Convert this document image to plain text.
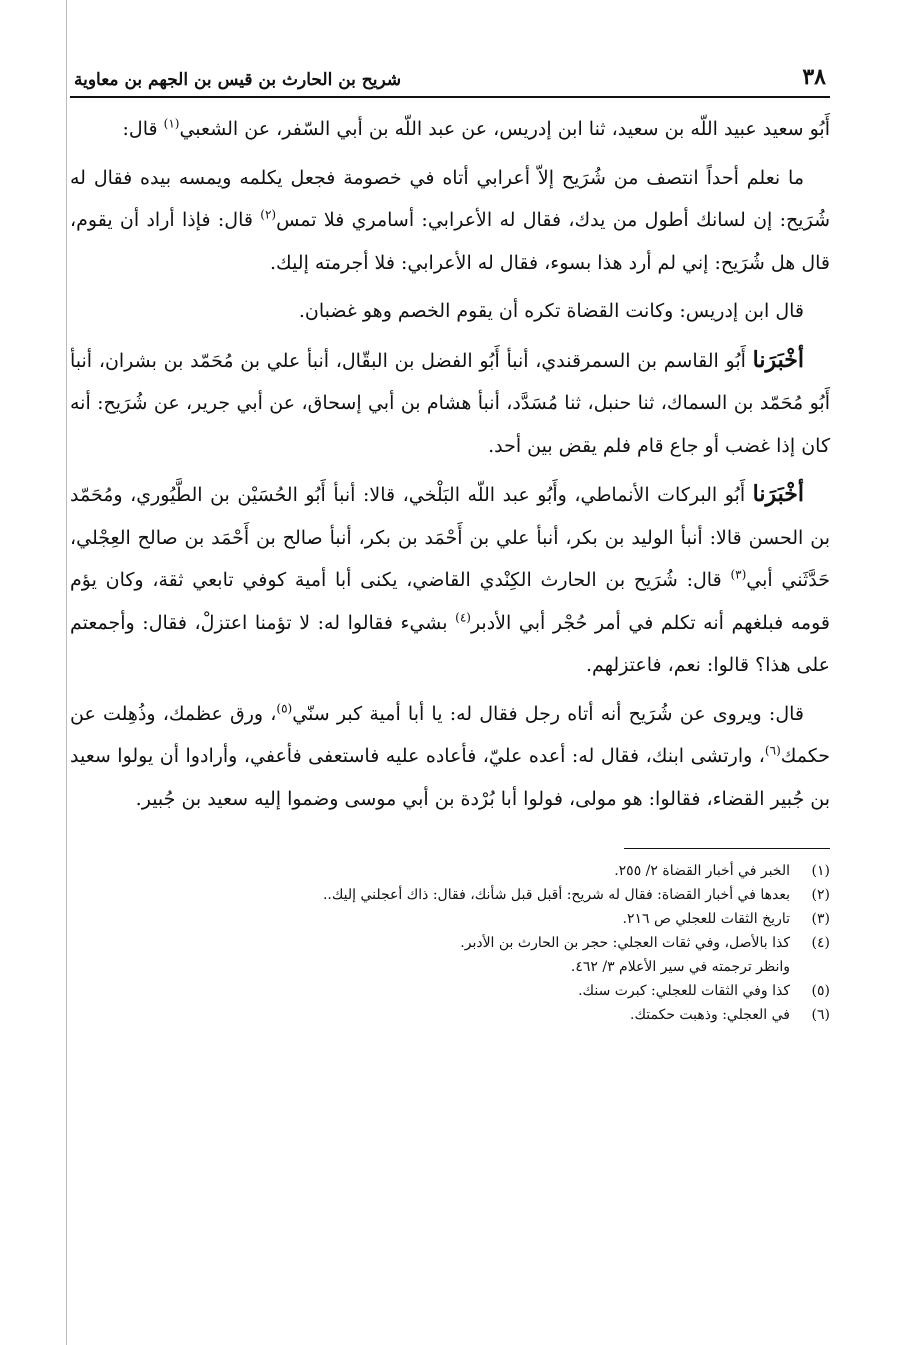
٣٨
شريح بن الحارث بن قيس بن الجهم بن معاوية

أَبُو سعيد عبيد اللّه بن سعيد، ثنا ابن إدريس، عن عبد اللّه بن أبي السّفر، عن الشعبي$^{(١)}$ قال:

ما نعلم أحداً انتصف من شُرَيح إلاّ أعرابي أتاه في خصومة فجعل يكلمه ويمسه بيده فقال له شُرَيح: إن لسانك أطول من يدك، فقال له الأعرابي: أسامري فلا تمس$^{(٢)}$ قال: فإذا أراد أن يقوم، قال هل شُرَيح: إني لم أرد هذا بسوء، فقال له الأعرابي: فلا أجرمته إليك.

قال ابن إدريس: وكانت القضاة تكره أن يقوم الخصم وهو غضبان.

أخْبَرَنا أَبُو القاسم بن السمرقندي، أنبأ أَبُو الفضل بن البقّال، أنبأ علي بن مُحَمّد بن بشران، أنبأ أَبُو مُحَمّد بن السماك، ثنا حنبل، ثنا مُسَدَّد، أنبأ هشام بن أبي إسحاق، عن أبي جرير، عن شُرَيح: أنه كان إذا غضب أو جاع قام فلم يقض بين أحد.

أخْبَرَنا أَبُو البركات الأنماطي، وأَبُو عبد اللّه البَلْخي، قالا: أنبأ أَبُو الحُسَيْن بن الطَّيُوري، ومُحَمّد بن الحسن قالا: أنبأ الوليد بن بكر، أنبأ علي بن أَحْمَد بن بكر، أنبأ صالح بن أَحْمَد بن صالح العِجْلي، حَدَّثَني أبي$^{(٣)}$ قال: شُرَيح بن الحارث الكِنْدي القاضي، يكنى أبا أمية كوفي تابعي ثقة، وكان يؤم قومه فبلغهم أنه تكلم في أمر حُجْر أبي الأدبر$^{(٤)}$ بشيء فقالوا له: لا تؤمنا اعتزلْ، فقال: وأجمعتم على هذا؟ قالوا: نعم، فاعتزلهم.

قال: ويروى عن شُرَيح أنه أتاه رجل فقال له: يا أبا أمية كبر سنّي$^{(٥)}$، ورق عظمك، وذُهِلت عن حكمك$^{(٦)}$، وارتشى ابنك، فقال له: أعده عليّ، فأعاده عليه فاستعفى فأعفي، وأرادوا أن يولوا سعيد بن جُبير القضاء، فقالوا: هو مولى، فولوا أبا بُرْدة بن أبي موسى وضموا إليه سعيد بن جُبير.

(١)
الخبر في أخبار القضاة ٢/ ٢٥٥.
(٢)
بعدها في أخبار القضاة: فقال له شريح: أقبل قبل شأنك، فقال: ذاك أعجلني إليك..
(٣)
تاريخ الثقات للعجلي ص ٢١٦.
(٤)
كذا بالأصل، وفي ثقات العجلي: حجر بن الحارث بن الأدبر.
وانظر ترجمته في سير الأعلام ٣/ ٤٦٢.
(٥)
كذا وفي الثقات للعجلي: كبرت سنك.
(٦)
في العجلي: وذهبت حكمتك.
